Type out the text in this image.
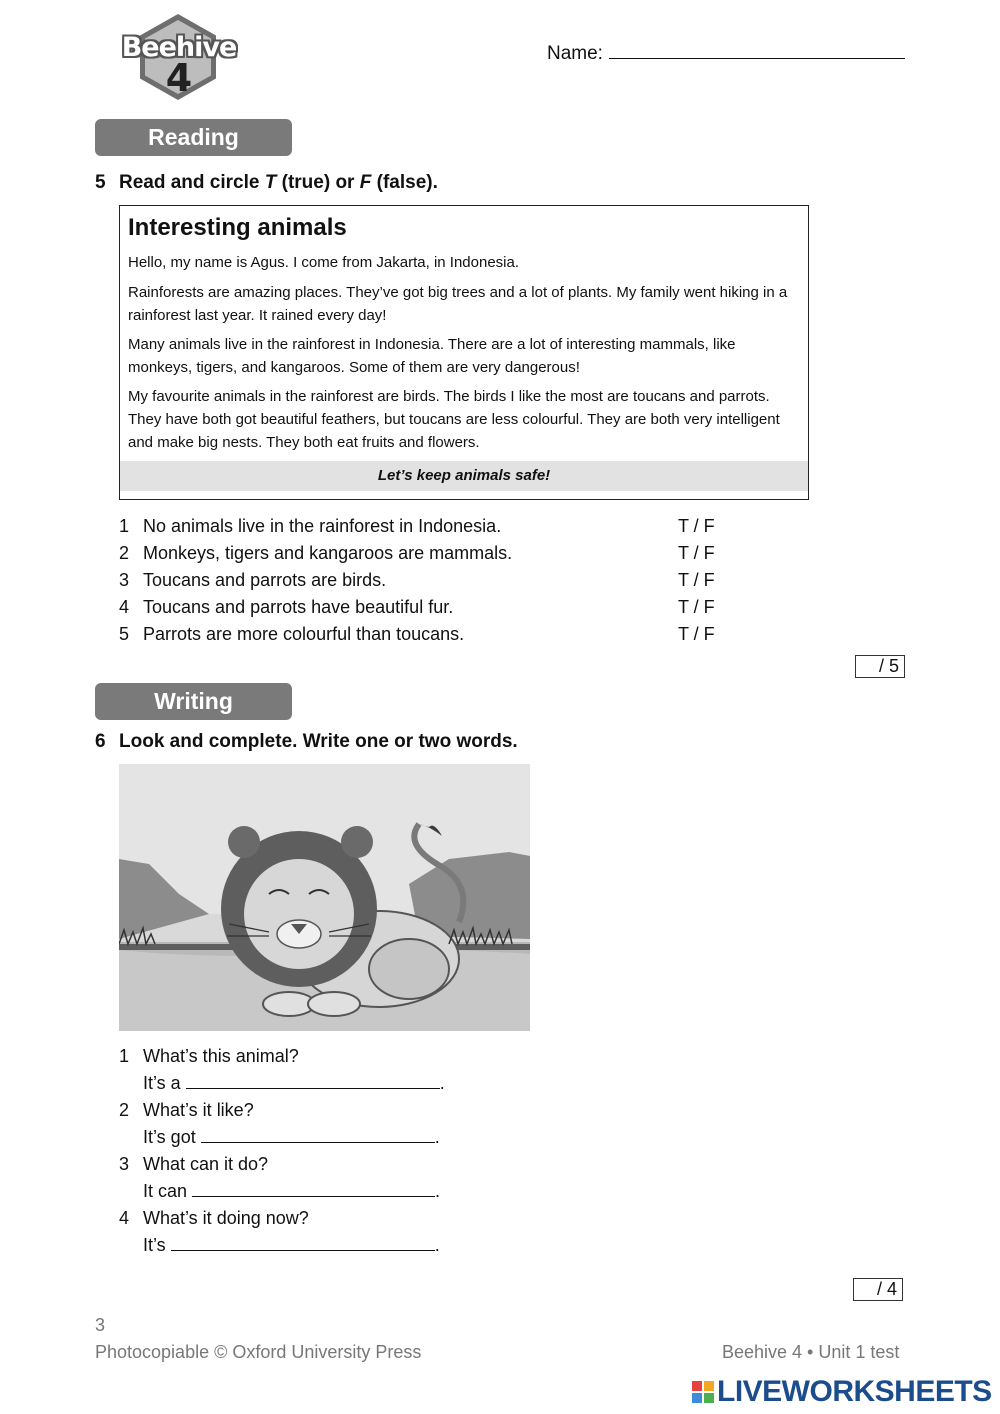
Beehive
4
Name:
Reading
5 Read and circle T (true) or F (false).
Interesting animals
Hello, my name is Agus. I come from Jakarta, in Indonesia.
Rainforests are amazing places. They’ve got big trees and a lot of plants. My family went hiking in a rainforest last year. It rained every day!
Many animals live in the rainforest in Indonesia. There are a lot of interesting mammals, like monkeys, tigers, and kangaroos. Some of them are very dangerous!
My favourite animals in the rainforest are birds. The birds I like the most are toucans and parrots. They have both got beautiful feathers, but toucans are less colourful. They are both very intelligent and make big nests. They both eat fruits and flowers.
Let’s keep animals safe!
1 No animals live in the rainforest in Indonesia.	T / F
2 Monkeys, tigers and kangaroos are mammals.	T / F
3 Toucans and parrots are birds.	T / F
4 Toucans and parrots have beautiful fur.	T / F
5 Parrots are more colourful than toucans.	T / F
/ 5
Writing
6 Look and complete. Write one or two words.
1 What’s this animal?
It’s a	.
2 What’s it like?
It’s got	.
3 What can it do?
It can	.
4 What’s it doing now?
It’s	.
/ 4
3
Photocopiable © Oxford University Press	Beehive 4 • Unit 1 test
LIVEWORKSHEETS
